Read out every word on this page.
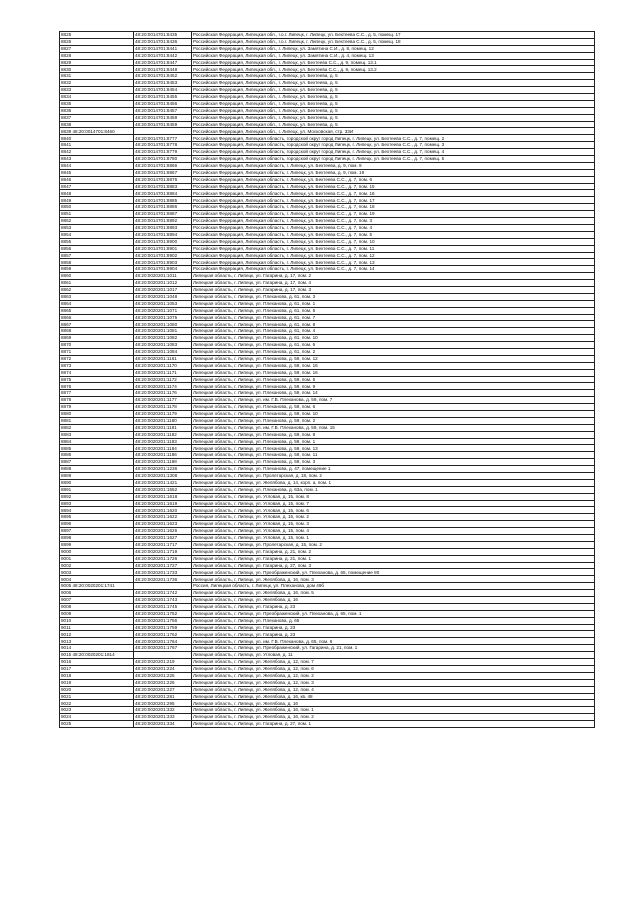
8825	48:20:0014701:8435	Российская Федерация, Липецкая обл., г.о.г. Липецк, г. Липецк, ул. Бехтеева С.С., д. 5, помещ. 17
8826	48:20:0014701:8436	Российская Федерация, Липецкая обл., г.о.г. Липецк, г. Липецк, ул. Бехтеева С.С., д. 5, помещ. 18
8827	48:20:0014701:8441	Российская Федерация, Липецкая обл., г. Липецк, ул. Замятина С.И., д. 8, помещ. 12
8828	48:20:0014701:8442	Российская Федерация, Липецкая обл., г. Липецк, ул. Замятина С.И., д. 4, помещ. 13
8829	48:20:0014701:8447	Российская Федерация, Липецкая обл., г. Липецк, ул. Бехтеева С.С., д. 9, помещ. 13.1
8830	48:20:0014701:8448	Российская Федерация, Липецкая обл., г. Липецк, ул. Бехтеева С.С., д. 9, помещ. 13.2
8831	48:20:0014701:8452	Российская Федерация, Липецкая обл., г. Липецк, ул. Бехтеева, д. 5
8832	48:20:0014701:8453	Российская Федерация, Липецкая обл., г. Липецк, ул. Бехтеева, д. 5
8833	48:20:0014701:8454	Российская Федерация, Липецкая обл., г. Липецк, ул. Бехтеева, д. 5
8834	48:20:0014701:8455	Российская Федерация, Липецкая обл., г. Липецк, ул. Бехтеева, д. 5
8835	48:20:0014701:8456	Российская Федерация, Липецкая обл., г. Липецк, ул. Бехтеева, д. 5
8836	48:20:0014701:8457	Российская Федерация, Липецкая обл., г. Липецк, ул. Бехтеева, д. 5
8837	48:20:0014701:8458	Российская Федерация, Липецкая обл., г. Липецк, ул. Бехтеева, д. 5
8838	48:20:0014701:8459	Российская Федерация, Липецкая обл., г. Липецк, ул. Бехтеева, д. 5
8839 48:20:0014701:8460		Российская Федерация, Липецкая обл., г. Липецк, ул. Московская, стр. 33И
8840	48:20:0014701:8777	Российская Федерация, Липецкая область, городской округ город Липецк, г. Липецк, ул. Бехтеева С.С., д. 7, помещ. 2
8841	48:20:0014701:8778	Российская Федерация, Липецкая область, городской округ город Липецк, г. Липецк, ул. Бехтеева С.С., д. 7, помещ. 3
8842	48:20:0014701:8779	Российская Федерация, Липецкая область, городской округ город Липецк, г. Липецк, ул. Бехтеева С.С., д. 7, помещ. 4
8843	48:20:0014701:8780	Российская Федерация, Липецкая область, городской округ город Липецк, г. Липецк, ул. Бехтеева С.С., д. 7, помещ. 5
8844	48:20:0014701:8866	Российская Федерация, Липецкая область, г. Липецк, ул. Бехтеева, д. 9, пом. 9
8845	48:20:0014701:8867	Российская Федерация, Липецкая область, г. Липецк, ул. Бехтеева, д. 9, пом. 19
8846	48:20:0014701:8876	Российская Федерация, Липецкая область, г. Липецк, ул. Бехтеева С.С., д. 7, пом. 6
8847	48:20:0014701:8883	Российская Федерация, Липецкая область, г. Липецк, ул. Бехтеева С.С., д. 7, пом. 15
8848	48:20:0014701:8884	Российская Федерация, Липецкая область, г. Липецк, ул. Бехтеева С.С., д. 7, пом. 16
8849	48:20:0014701:8885	Российская Федерация, Липецкая область, г. Липецк, ул. Бехтеева С.С., д. 7, пом. 17
8850	48:20:0014701:8886	Российская Федерация, Липецкая область, г. Липецк, ул. Бехтеева С.С., д. 7, пом. 18
8851	48:20:0014701:8887	Российская Федерация, Липецкая область, г. Липецк, ул. Бехтеева С.С., д. 7, пом. 19
8852	48:20:0014701:8892	Российская Федерация, Липецкая область, г. Липецк, ул. Бехтеева С.С., д. 7, пом. 3
8853	48:20:0014701:8893	Российская Федерация, Липецкая область, г. Липецк, ул. Бехтеева С.С., д. 7, пом. 4
8854	48:20:0014701:8894	Российская Федерация, Липецкая область, г. Липецк, ул. Бехтеева С.С., д. 7, пом. 5
8855	48:20:0014701:8900	Российская Федерация, Липецкая область, г. Липецк, ул. Бехтеева С.С., д. 7, пом. 10
8856	48:20:0014701:8901	Российская Федерация, Липецкая область, г. Липецк, ул. Бехтеева С.С., д. 7, пом. 11
8857	48:20:0014701:8902	Российская Федерация, Липецкая область, г. Липецк, ул. Бехтеева С.С., д. 7, пом. 12
8858	48:20:0014701:8903	Российская Федерация, Липецкая область, г. Липецк, ул. Бехтеева С.С., д. 7, пом. 13
8859	48:20:0014701:8904	Российская Федерация, Липецкая область, г. Липецк, ул. Бехтеева С.С., д. 7, пом. 14
8860	48:20:0020201:1011	Липецкая область, г. Липецк, ул. Гагарина, д. 17, пом. 2
8861	48:20:0020201:1012	Липецкая область, г. Липецк, ул. Гагарина, д. 17, пом. 4
8862	48:20:0020201:1017	Липецкая область, г. Липецк, ул. Гагарина, д. 17, пом. 3
8863	48:20:0020201:1048	Липецкая область, г. Липецк, ул. Плеханова, д. 61, пом. 3
8864	48:20:0020201:1053	Липецкая область, г. Липецк, ул. Плеханова, д. 61, пом. 1
8865	48:20:0020201:1071	Липецкая область, г. Липецк, ул. Плеханова, д. 61, пом. 5
8866	48:20:0020201:1075	Липецкая область, г. Липецк, ул. Плеханова, д. 61, пом. 7
8867	48:20:0020201:1080	Липецкая область, г. Липецк, ул. Плеханова, д. 61, пом. 8
8868	48:20:0020201:1081	Липецкая область, г. Липецк, ул. Плеханова, д. 61, пом. 4
8869	48:20:0020201:1082	Липецкая область, г. Липецк, ул. Плеханова, д. 61, пом. 10
8870	48:20:0020201:1083	Липецкая область, г. Липецк, ул. Плеханова, д. 61, пом. 6
8871	48:20:0020201:1084	Липецкая область, г. Липецк, ул. Плеханова, д. 61, пом. 2
8872	48:20:0020201:1161	Липецкая область, г. Липецк, ул. Плеханова, д. 59, пом. 12
8873	48:20:0020201:1170	Липецкая область, г. Липецк, ул. Плеханова, д. 59, пом. 16
8874	48:20:0020201:1171	Липецкая область, г. Липецк, ул. Плеханова, д. 59, пом. 16
8875	48:20:0020201:1172	Липецкая область, г. Липецк, ул. Плеханова, д. 59, пом. 5
8876	48:20:0020201:1174	Липецкая область, г. Липецк, ул. Плеханова, д. 59, пом. 9
8877	48:20:0020201:1176	Липецкая область, г. Липецк, ул. Плеханова, д. 59, пом. 14
8878	48:20:0020201:1177	Липецкая область, г. Липецк, ул. им. Г.В. Плеханова, д. 59, пом. 7
8879	48:20:0020201:1178	Липецкая область, г. Липецк, ул. Плеханова, д. 59, пом. 6
8880	48:20:0020201:1179	Липецкая область, г. Липецк, ул. Плеханова, д. 59, пом. 10
8881	48:20:0020201:1180	Липецкая область, г. Липецк, ул. Плеханова, д. 59, пом. 2
8882	48:20:0020201:1181	Липецкая область, г. Липецк, ул. им. Г.В. Плеханова, д. 59, пом. 15
8883	48:20:0020201:1182	Липецкая область, г. Липецк, ул. Плеханова, д. 59, пом. 8
8884	48:20:0020201:1183	Липецкая область, г. Липецк, ул. Плеханова, д. 59, пом. 1
8885	48:20:0020201:1184	Липецкая область, г. Липецк, ул. Плеханова, д. 59, пом. 13
8886	48:20:0020201:1186	Липецкая область, г. Липецк, ул. Плеханова, д. 59, пом. 11
8887	48:20:0020201:1188	Липецкая область, г. Липецк, ул. Плеханова, д. 59, пом. 3
8888	48:20:0020201:1236	Липецкая область, г. Липецк, ул. Плеханова, д. 47, помещение 1
8889	48:20:0020201:1308	Липецкая область, г. Липецк, ул. Пролетарская, д. 18, пом. 2
8890	48:20:0020201:1421	Липецкая область, г. Липецк, ул. Желябова, д. 14, корп. а, пом. 1
8891	48:20:0020201:1552	Липецкая область, г. Липецк, ул. Плеханова, д. 63а, пом. 1
8892	48:20:0020201:1618	Липецкая область, г. Липецк, ул. Угловая, д. 15, пом. 8
8893	48:20:0020201:1619	Липецкая область, г. Липецк, ул. Угловая, д. 15, пом. 7
8894	48:20:0020201:1620	Липецкая область, г. Липецк, ул. Угловая, д. 15, пом. 6
8895	48:20:0020201:1622	Липецкая область, г. Липецк, ул. Угловая, д. 15, пом. 2
8896	48:20:0020201:1623	Липецкая область, г. Липецк, ул. Угловая, д. 15, пом. 3
8897	48:20:0020201:1626	Липецкая область, г. Липецк, ул. Угловая, д. 15, пом. 4
8898	48:20:0020201:1627	Липецкая область, г. Липецк, ул. Угловая, д. 15, пом. 1
8899	48:20:0020201:1717	Липецкая область, г. Липецк, ул. Пролетарская, д. 15, пом. 2
9000	48:20:0020201:1719	Липецкая область, г. Липецк, ул. Гагарина, д. 21, пом. 2
9001	48:20:0020201:1726	Липецкая область, г. Липецк, ул. Гагарина, д. 21, пом. 1
9002	48:20:0020201:1727	Липецкая область, г. Липецк, ул. Гагарина, д. 27, пом. 3
9003	48:20:0020201:1733	Липецкая область, г. Липецк, ул. Преображенский, ул. Плеханова, д. 65, помещение 80
9004	48:20:0020201:1736	Липецкая область, г. Липецк, ул. Желябова, д. 16, пом. 3
9005 48:20:0020201:1741		Россия, Липецкая область, г. Липецк, ул. Плеханова, дом 49б
9006	48:20:0020201:1742	Липецкая область, г. Липецк, ул. Желябова, д. 16, пом. 5
9007	48:20:0020201:1743	Липецкая область, г. Липецк, ул. Желябова, д. 16
9008	48:20:0020201:1745	Липецкая область, г. Липецк, ул. Гагарина, д. 23
9009	48:20:0020201:1752	Липецкая область, г. Липецк, ул. Преображенский, ул. Плеханова, д. 65, пом. 1
9010	48:20:0020201:1756	Липецкая область, г. Липецк, ул. Плеханова, д. 65
9011	48:20:0020201:1759	Липецкая область, г. Липецк, ул. Гагарина, д. 23
9012	48:20:0020201:1762	Липецкая область, г. Липецк, ул. Гагарина, д. 23
9013	48:20:0020201:1764	Липецкая область, г. Липецк, ул. им. Г.В. Плеханова, д. 65, пом. 6
9014	48:20:0020201:1767	Липецкая область, г. Липецк, ул. Преображенский, ул. Гагарина, д. 21, пом. 1
9015 48:20:0020201:1814		Липецкая область, г. Липецк, ул. Угловая, д. 11
9016	48:20:0020201:219	Липецкая область, г. Липецк, ул. Желябова, д. 12, пом. 7
9017	48:20:0020201:224	Липецкая область, г. Липецк, ул. Желябова, д. 12, пом. 6
9018	48:20:0020201:225	Липецкая область, г. Липецк, ул. Желябова, д. 12, пом. 2
9019	48:20:0020201:226	Липецкая область, г. Липецк, ул. Желябова, д. 12, пом. 3
9020	48:20:0020201:227	Липецкая область, г. Липецк, ул. Желябова, д. 12, пом. 4
9021	48:20:0020201:281	Липецкая область, г. Липецк, ул. Желябова, д. 16, кв. 48
9022	48:20:0020201:295	Липецкая область, г. Липецк, ул. Желябова, д. 16
9023	48:20:0020201:332	Липецкая область, г. Липецк, ул. Желябова, д. 16, пом. 1
9024	48:20:0020201:333	Липецкая область, г. Липецк, ул. Желябова, д. 16, пом. 2
9025	48:20:0020201:334	Липецкая область, г. Липецк, ул. Гагарина, д. 27, пом. 1
